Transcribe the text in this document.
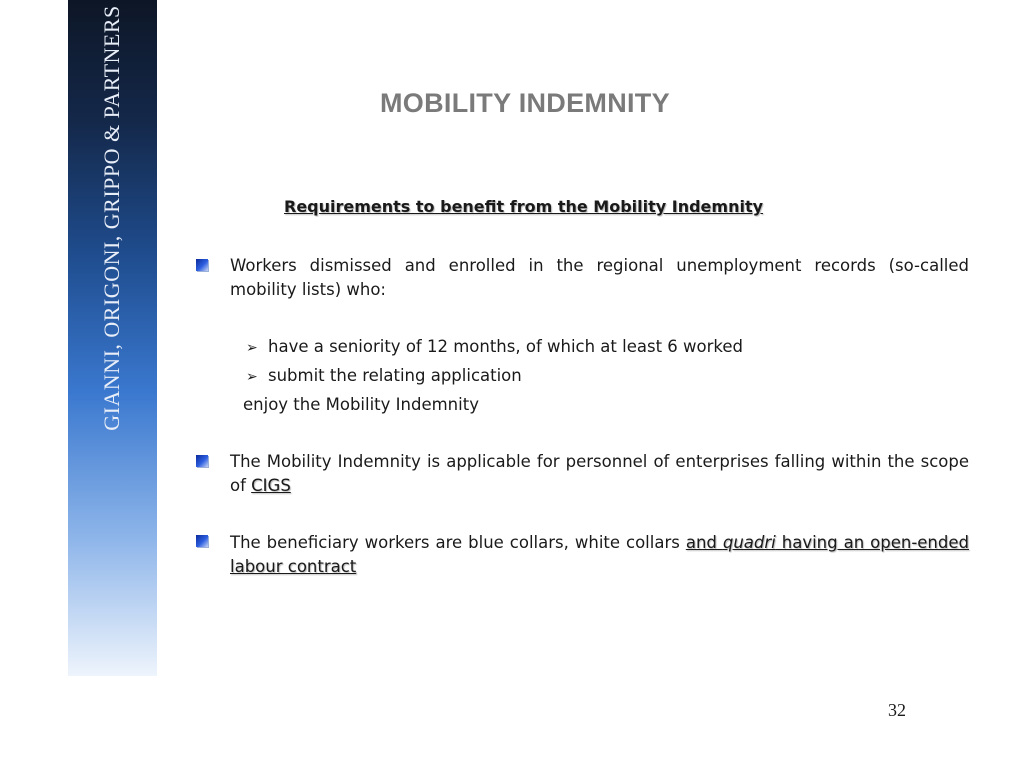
GIANNI, ORIGONI, GRIPPO & PARTNERS	MOBILITY INDEMNITY
Requirements to benefit from the Mobility Indemnity
Workers dismissed and enrolled in the regional unemployment records (so-called mobility lists) who:
➢ have a seniority of 12 months, of which at least 6 worked
➢ submit the relating application
enjoy the Mobility Indemnity
The Mobility Indemnity is applicable for personnel of enterprises falling within the scope of CIGS
The beneficiary workers are blue collars, white collars and quadri having an open-ended labour contract
32
